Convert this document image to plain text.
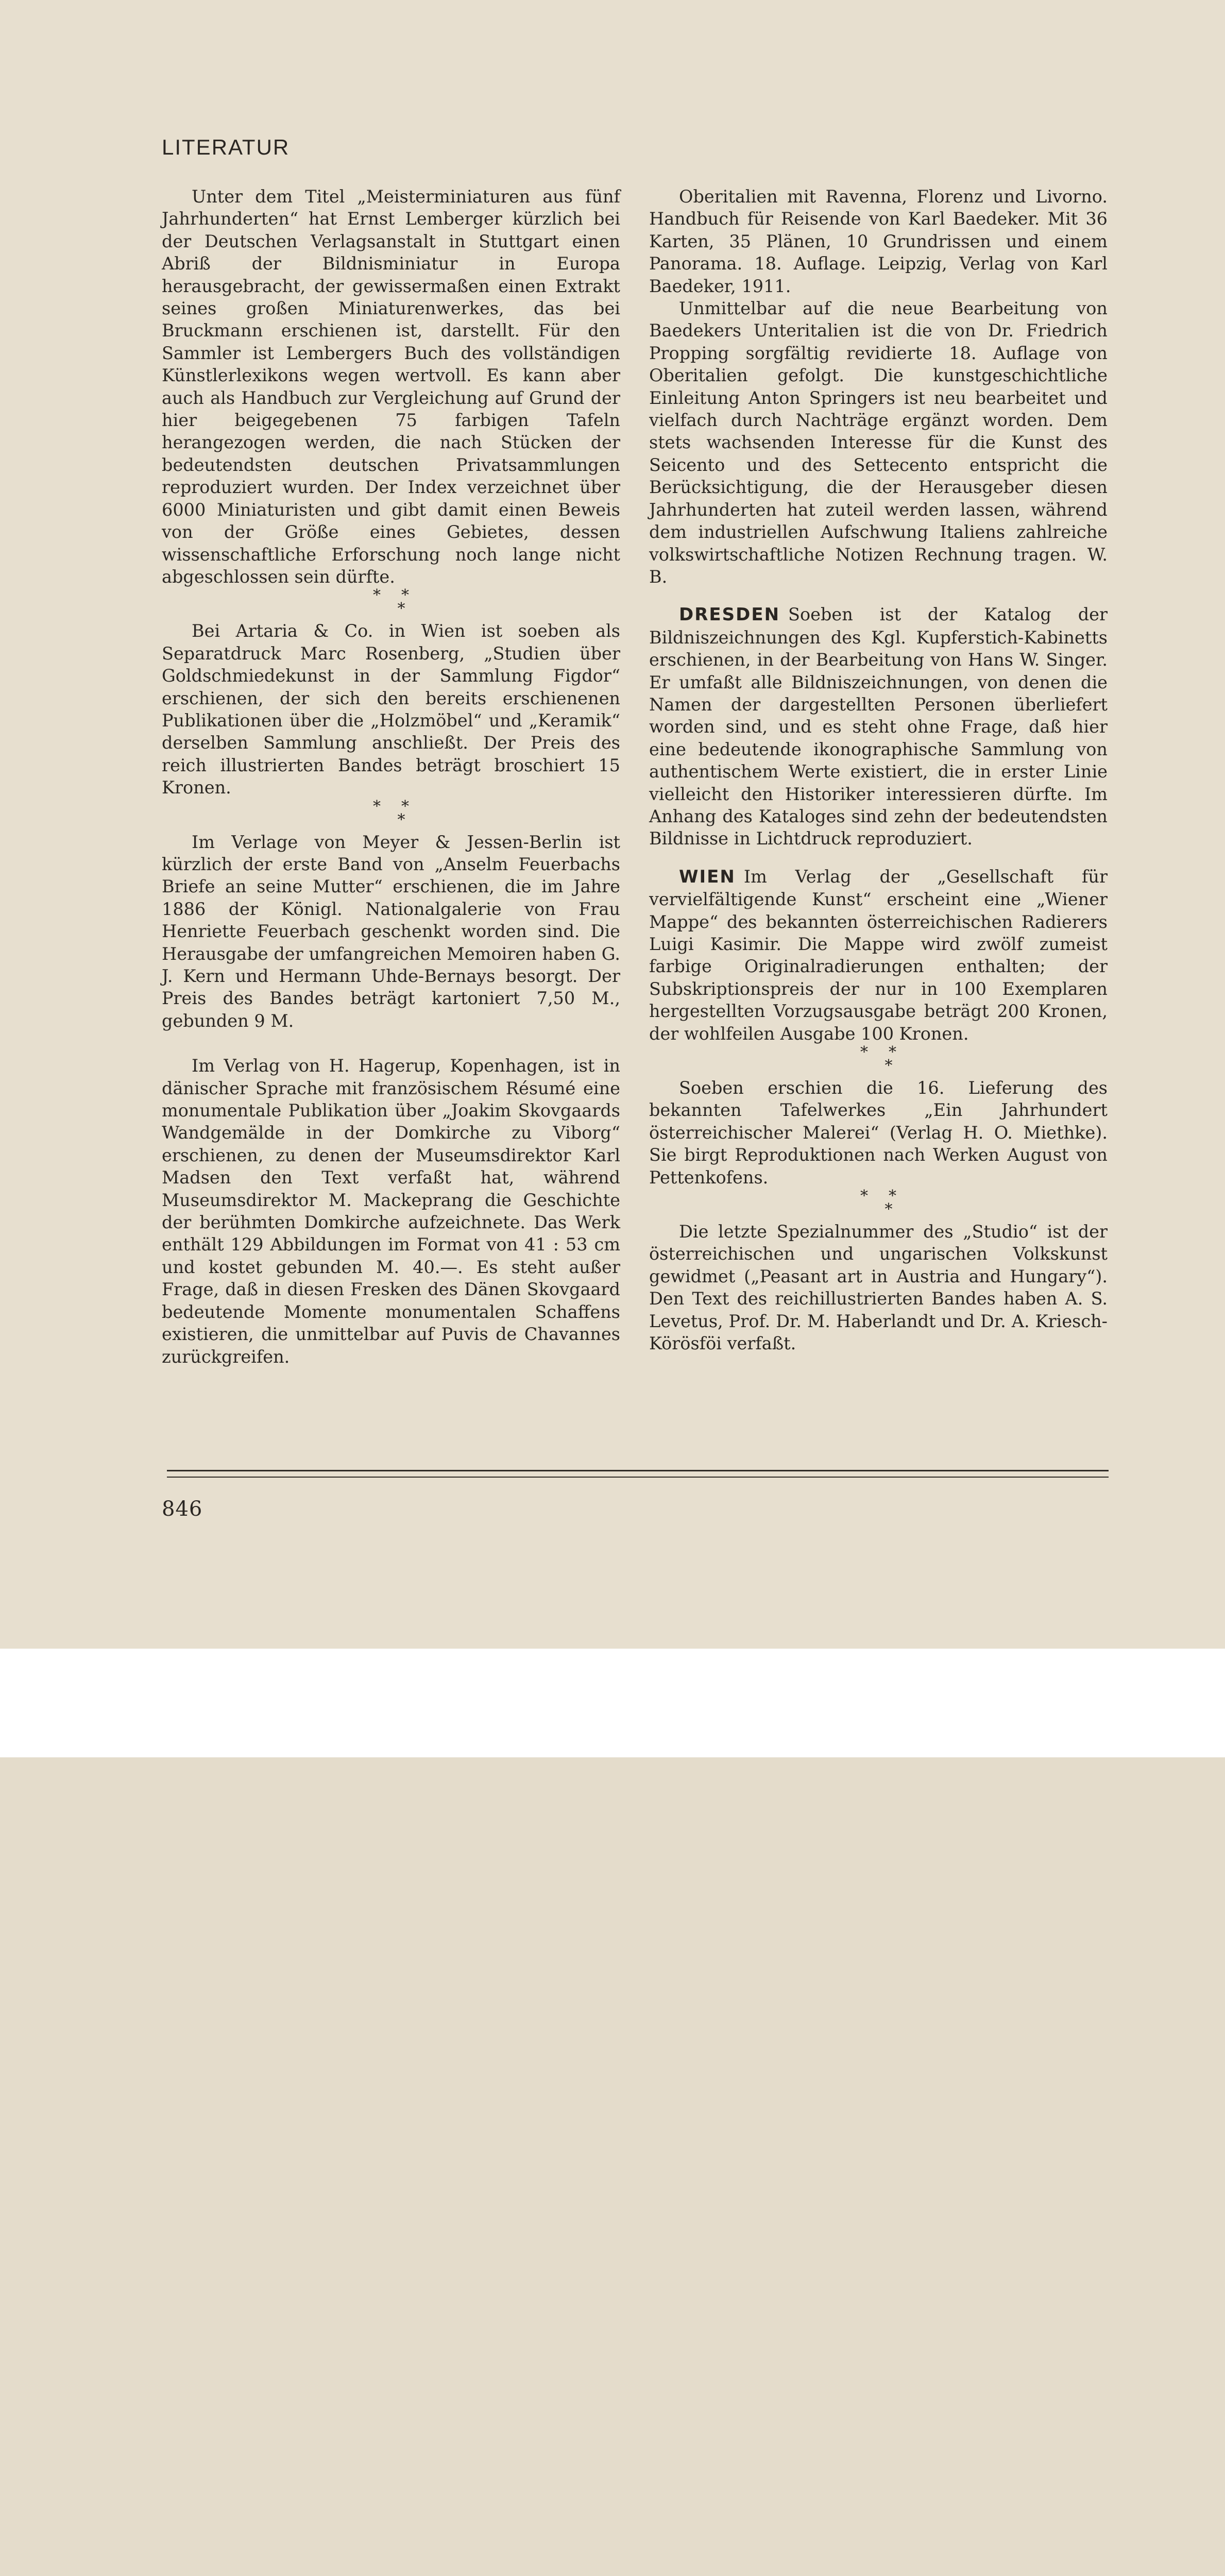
LITERATUR

Unter dem Titel „Meisterminiaturen aus fünf Jahrhunderten“ hat Ernst Lemberger kürzlich bei der Deutschen Verlagsanstalt in Stuttgart einen Abriß der Bildnisminiatur in Europa herausgebracht, der gewissermaßen einen Extrakt seines großen Miniaturenwerkes, das bei Bruckmann erschienen ist, darstellt. Für den Sammler ist Lembergers Buch des vollständigen Künstlerlexikons wegen wertvoll. Es kann aber auch als Handbuch zur Vergleichung auf Grund der hier beigegebenen 75 farbigen Tafeln herangezogen werden, die nach Stücken der bedeutendsten deutschen Privatsammlungen reproduziert wurden. Der Index verzeichnet über 6000 Miniaturisten und gibt damit einen Beweis von der Größe eines Gebietes, dessen wissenschaftliche Erforschung noch lange nicht abgeschlossen sein dürfte.

**
*

Bei Artaria & Co. in Wien ist soeben als Separatdruck Marc Rosenberg, „Studien über Goldschmiedekunst in der Sammlung Figdor“ erschienen, der sich den bereits erschienenen Publikationen über die „Holzmöbel“ und „Keramik“ derselben Sammlung anschließt. Der Preis des reich illustrierten Bandes beträgt broschiert 15 Kronen.

**
*

Im Verlage von Meyer & Jessen-Berlin ist kürzlich der erste Band von „Anselm Feuerbachs Briefe an seine Mutter“ erschienen, die im Jahre 1886 der Königl. Nationalgalerie von Frau Henriette Feuerbach geschenkt worden sind. Die Herausgabe der umfangreichen Memoiren haben G. J. Kern und Hermann Uhde-Bernays besorgt. Der Preis des Bandes beträgt kartoniert 7,50 M., gebunden 9 M.

Im Verlag von H. Hagerup, Kopenhagen, ist in dänischer Sprache mit französischem Résumé eine monumentale Publikation über „Joakim Skovgaards Wandgemälde in der Domkirche zu Viborg“ erschienen, zu denen der Museumsdirektor Karl Madsen den Text verfaßt hat, während Museumsdirektor M. Mackeprang die Geschichte der berühmten Domkirche aufzeichnete. Das Werk enthält 129 Abbildungen im Format von 41 : 53 cm und kostet gebunden M. 40.—. Es steht außer Frage, daß in diesen Fresken des Dänen Skovgaard bedeutende Momente monumentalen Schaffens existieren, die unmittelbar auf Puvis de Chavannes zurückgreifen.

Oberitalien mit Ravenna, Florenz und Livorno. Handbuch für Reisende von Karl Baedeker. Mit 36 Karten, 35 Plänen, 10 Grundrissen und einem Panorama. 18. Auflage. Leipzig, Verlag von Karl Baedeker, 1911.

Unmittelbar auf die neue Bearbeitung von Baedekers Unteritalien ist die von Dr. Friedrich Propping sorgfältig revidierte 18. Auflage von Oberitalien gefolgt. Die kunstgeschichtliche Einleitung Anton Springers ist neu bearbeitet und vielfach durch Nachträge ergänzt worden. Dem stets wachsenden Interesse für die Kunst des Seicento und des Settecento entspricht die Berücksichtigung, die der Herausgeber diesen Jahrhunderten hat zuteil werden lassen, während dem industriellen Aufschwung Italiens zahlreiche volkswirtschaftliche Notizen Rechnung tragen. W. B.

DRESDEN Soeben ist der Katalog der Bildniszeichnungen des Kgl. Kupferstich-Kabinetts erschienen, in der Bearbeitung von Hans W. Singer. Er umfaßt alle Bildniszeichnungen, von denen die Namen der dargestellten Personen überliefert worden sind, und es steht ohne Frage, daß hier eine bedeutende ikonographische Sammlung von authentischem Werte existiert, die in erster Linie vielleicht den Historiker interessieren dürfte. Im Anhang des Kataloges sind zehn der bedeutendsten Bildnisse in Lichtdruck reproduziert.

WIEN Im Verlag der „Gesellschaft für vervielfältigende Kunst“ erscheint eine „Wiener Mappe“ des bekannten österreichischen Radierers Luigi Kasimir. Die Mappe wird zwölf zumeist farbige Originalradierungen enthalten; der Subskriptionspreis der nur in 100 Exemplaren hergestellten Vorzugsausgabe beträgt 200 Kronen, der wohlfeilen Ausgabe 100 Kronen.

**
*

Soeben erschien die 16. Lieferung des bekannten Tafelwerkes „Ein Jahrhundert österreichischer Malerei“ (Verlag H. O. Miethke). Sie birgt Reproduktionen nach Werken August von Pettenkofens.

**
*

Die letzte Spezialnummer des „Studio“ ist der österreichischen und ungarischen Volkskunst gewidmet („Peasant art in Austria and Hungary“). Den Text des reichillustrierten Bandes haben A. S. Levetus, Prof. Dr. M. Haberlandt und Dr. A. Kriesch-Körösföi verfaßt.

846
